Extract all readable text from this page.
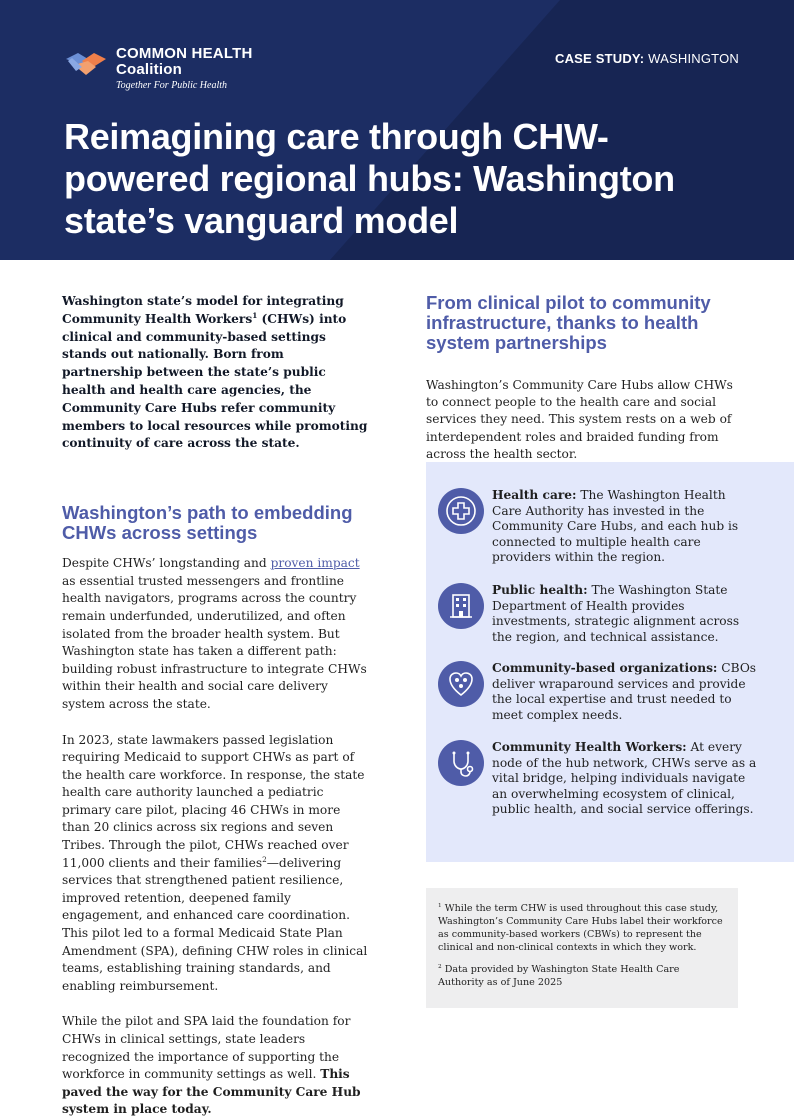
COMMON HEALTH
Coalition
Together For Public Health
CASE STUDY: WASHINGTON
Reimagining care through CHW-powered regional hubs: Washington state’s vanguard model

Washington state’s model for integrating Community Health Workers$^1$ (CHWs) into clinical and community-based settings stands out nationally. Born from partnership between the state’s public health and health care agencies, the Community Care Hubs refer community members to local resources while promoting continuity of care across the state.

Washington’s path to embedding CHWs across settings

Despite CHWs’ longstanding and proven impact as essential trusted messengers and frontline health navigators, programs across the country remain underfunded, underutilized, and often isolated from the broader health system. But Washington state has taken a different path: building robust infrastructure to integrate CHWs within their health and social care delivery system across the state.

In 2023, state lawmakers passed legislation requiring Medicaid to support CHWs as part of the health care workforce. In response, the state health care authority launched a pediatric primary care pilot, placing 46 CHWs in more than 20 clinics across six regions and seven Tribes. Through the pilot, CHWs reached over 11,000 clients and their families$^2$—delivering services that strengthened patient resilience, improved retention, deepened family engagement, and enhanced care coordination. This pilot led to a formal Medicaid State Plan Amendment (SPA), defining CHW roles in clinical teams, establishing training standards, and enabling reimbursement.

While the pilot and SPA laid the foundation for CHWs in clinical settings, state leaders recognized the importance of supporting the workforce in community settings as well. This paved the way for the Community Care Hub system in place today.

From clinical pilot to community infrastructure, thanks to health system partnerships

Washington’s Community Care Hubs allow CHWs to connect people to the health care and social services they need. This system rests on a web of interdependent roles and braided funding from across the health sector.

Health care: The Washington Health Care Authority has invested in the Community Care Hubs, and each hub is connected to multiple health care providers within the region.

Public health: The Washington State Department of Health provides investments, strategic alignment across the region, and technical assistance.

Community-based organizations: CBOs deliver wraparound services and provide the local expertise and trust needed to meet complex needs.

Community Health Workers: At every node of the hub network, CHWs serve as a vital bridge, helping individuals navigate an overwhelming ecosystem of clinical, public health, and social service offerings.

$^1$ While the term CHW is used throughout this case study, Washington’s Community Care Hubs label their workforce as community-based workers (CBWs) to represent the clinical and non-clinical contexts in which they work.

$^2$ Data provided by Washington State Health Care Authority as of June 2025
